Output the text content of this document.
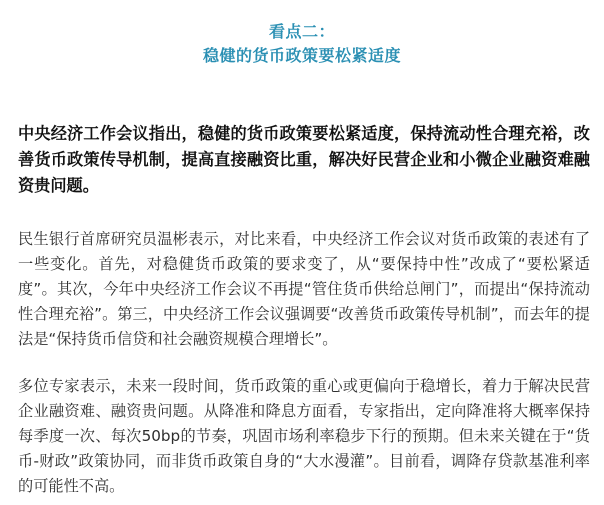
看点二：
稳健的货币政策要松紧适度

中央经济工作会议指出，稳健的货币政策要松紧适度，保持流动性合理充裕，改善货币政策传导机制，提高直接融资比重，解决好民营企业和小微企业融资难融资贵问题。

民生银行首席研究员温彬表示，对比来看，中央经济工作会议对货币政策的表述有了一些变化。首先，对稳健货币政策的要求变了，从“要保持中性”改成了“要松紧适度”。其次，今年中央经济工作会议不再提“管住货币供给总闸门”，而提出“保持流动性合理充裕”。第三，中央经济工作会议强调要“改善货币政策传导机制”，而去年的提法是“保持货币信贷和社会融资规模合理增长”。

多位专家表示，未来一段时间，货币政策的重心或更偏向于稳增长，着力于解决民营企业融资难、融资贵问题。从降准和降息方面看，专家指出，定向降准将大概率保持每季度一次、每次50bp的节奏，巩固市场利率稳步下行的预期。但未来关键在于“货币-财政”政策协同，而非货币政策自身的“大水漫灌”。目前看，调降存贷款基准利率的可能性不高。
